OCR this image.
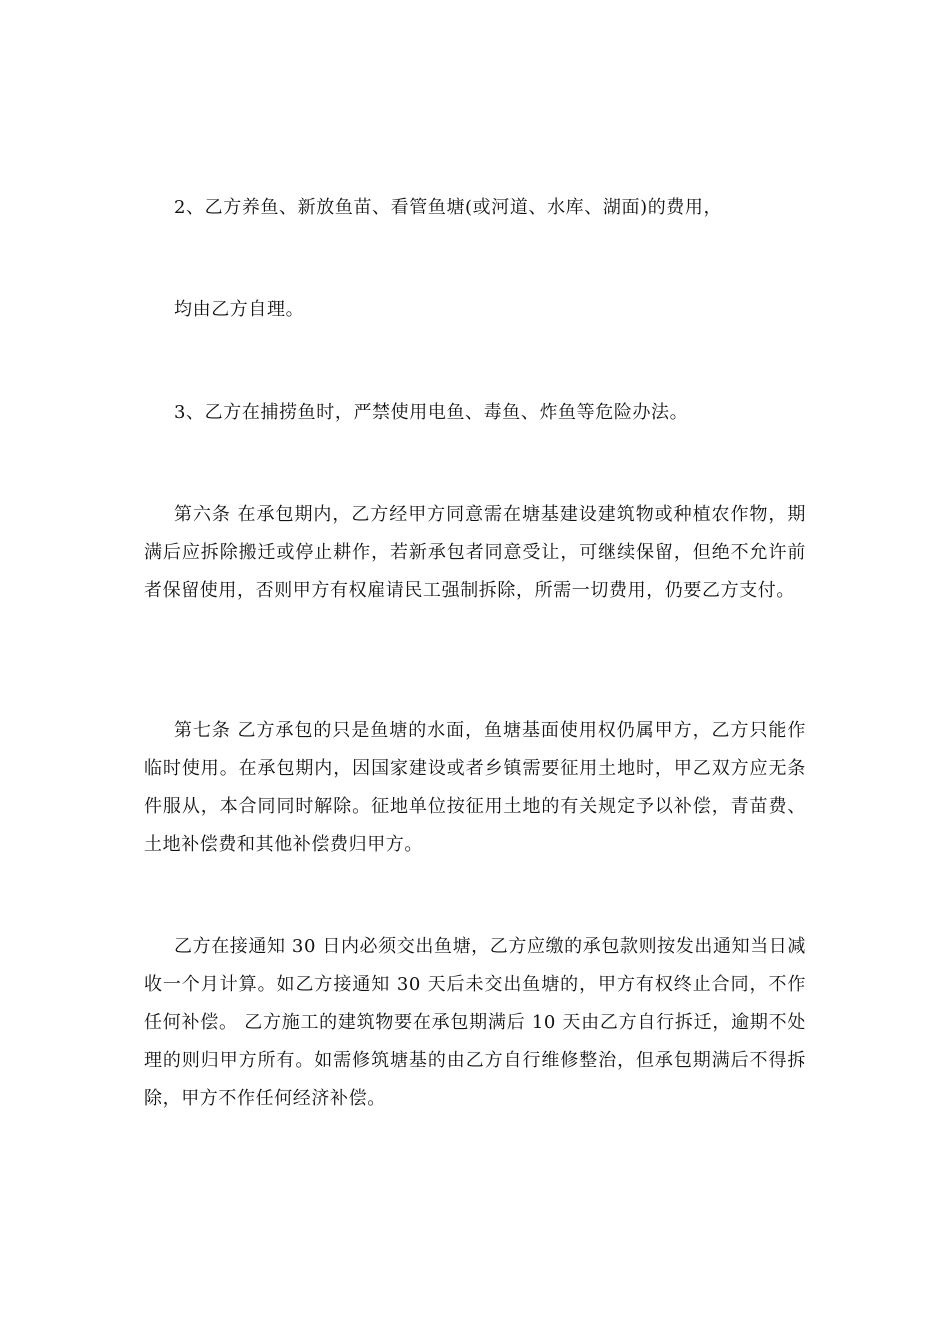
2、乙方养鱼、新放鱼苗、看管鱼塘(或河道、水库、湖面)的费用，

均由乙方自理。

3、乙方在捕捞鱼时，严禁使用电鱼、毒鱼、炸鱼等危险办法。

第六条 在承包期内，乙方经甲方同意需在塘基建设建筑物或种植农作物，期满后应拆除搬迁或停止耕作，若新承包者同意受让，可继续保留，但绝不允许前者保留使用，否则甲方有权雇请民工强制拆除，所需一切费用，仍要乙方支付。

第七条 乙方承包的只是鱼塘的水面，鱼塘基面使用权仍属甲方，乙方只能作临时使用。在承包期内，因国家建设或者乡镇需要征用土地时，甲乙双方应无条件服从，本合同同时解除。征地单位按征用土地的有关规定予以补偿，青苗费、土地补偿费和其他补偿费归甲方。

乙方在接通知 30 日内必须交出鱼塘，乙方应缴的承包款则按发出通知当日减收一个月计算。如乙方接通知 30 天后未交出鱼塘的，甲方有权终止合同，不作任何补偿。 乙方施工的建筑物要在承包期满后 10 天由乙方自行拆迁，逾期不处理的则归甲方所有。如需修筑塘基的由乙方自行维修整治，但承包期满后不得拆除，甲方不作任何经济补偿。
